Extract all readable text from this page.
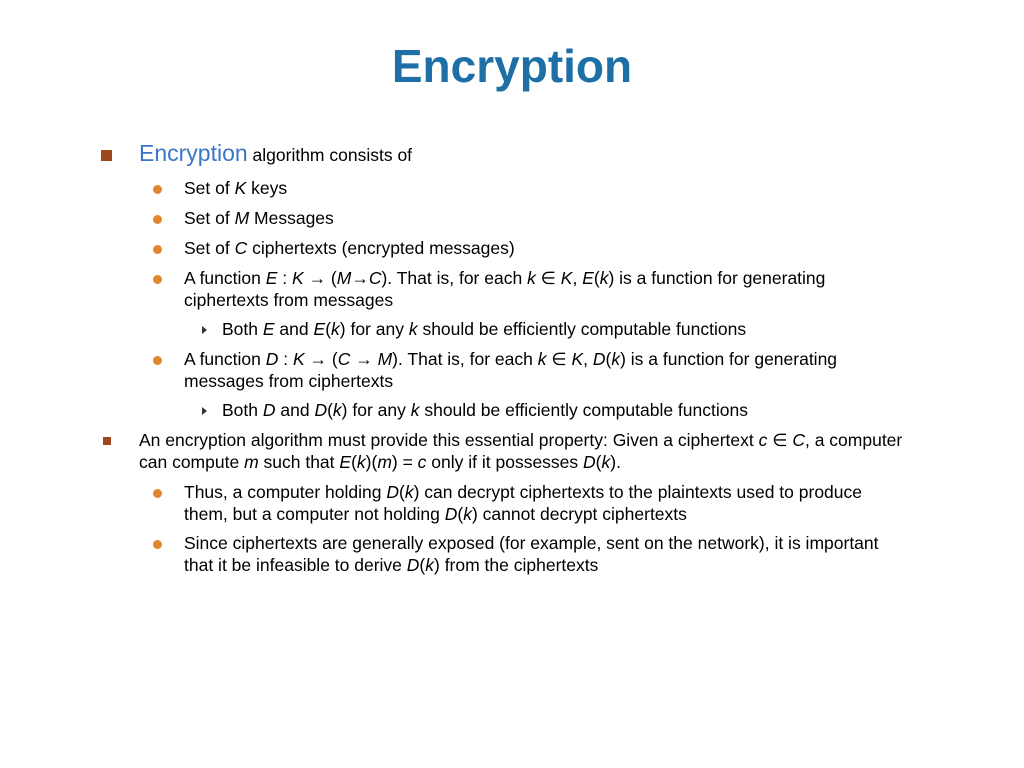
Encryption
Encryption algorithm consists of
Set of K keys
Set of M Messages
Set of C ciphertexts (encrypted messages)
A function E : K → (M→C). That is, for each k ∈ K, E(k) is a function for generating
ciphertexts from messages
Both E and E(k) for any k should be efficiently computable functions
A function D : K → (C → M). That is, for each k ∈ K, D(k) is a function for generating
messages from ciphertexts
Both D and D(k) for any k should be efficiently computable functions
An encryption algorithm must provide this essential property: Given a ciphertext c ∈ C, a computer
can compute m such that E(k)(m) = c only if it possesses D(k).
Thus, a computer holding D(k) can decrypt ciphertexts to the plaintexts used to produce
them, but a computer not holding D(k) cannot decrypt ciphertexts
Since ciphertexts are generally exposed (for example, sent on the network), it is important
that it be infeasible to derive D(k) from the ciphertexts
